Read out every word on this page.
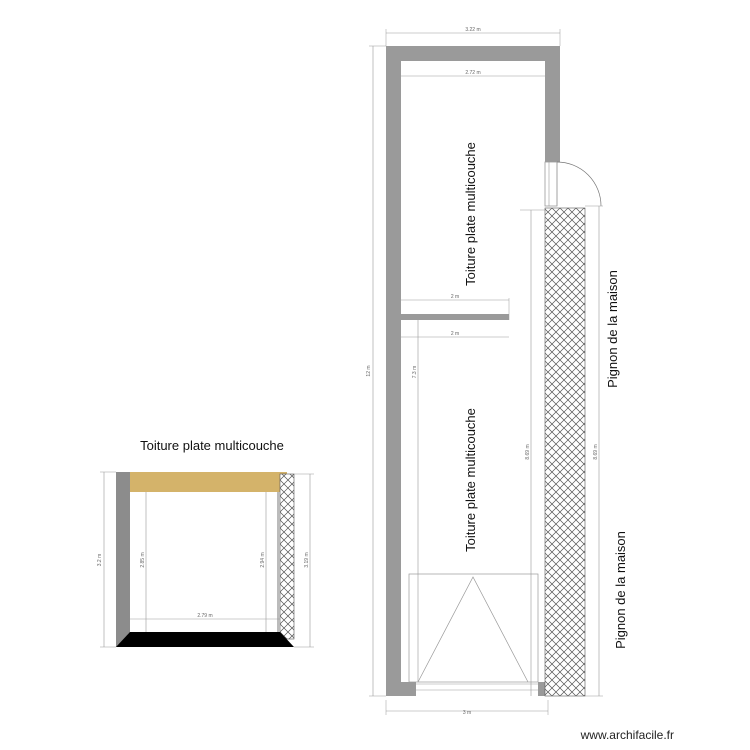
Toiture plate multicouche
3.2 m	2.85 m	2.94 m	3.19 m
2.79 m
3.22 m
2.72 m
2 m
2 m
12 m	7.3 m
8.69 m	8.69 m
3 m
Toiture plate multicouche
Toiture plate multicouche
Pignon de la maison
Pignon de la maison
www.archifacile.fr
